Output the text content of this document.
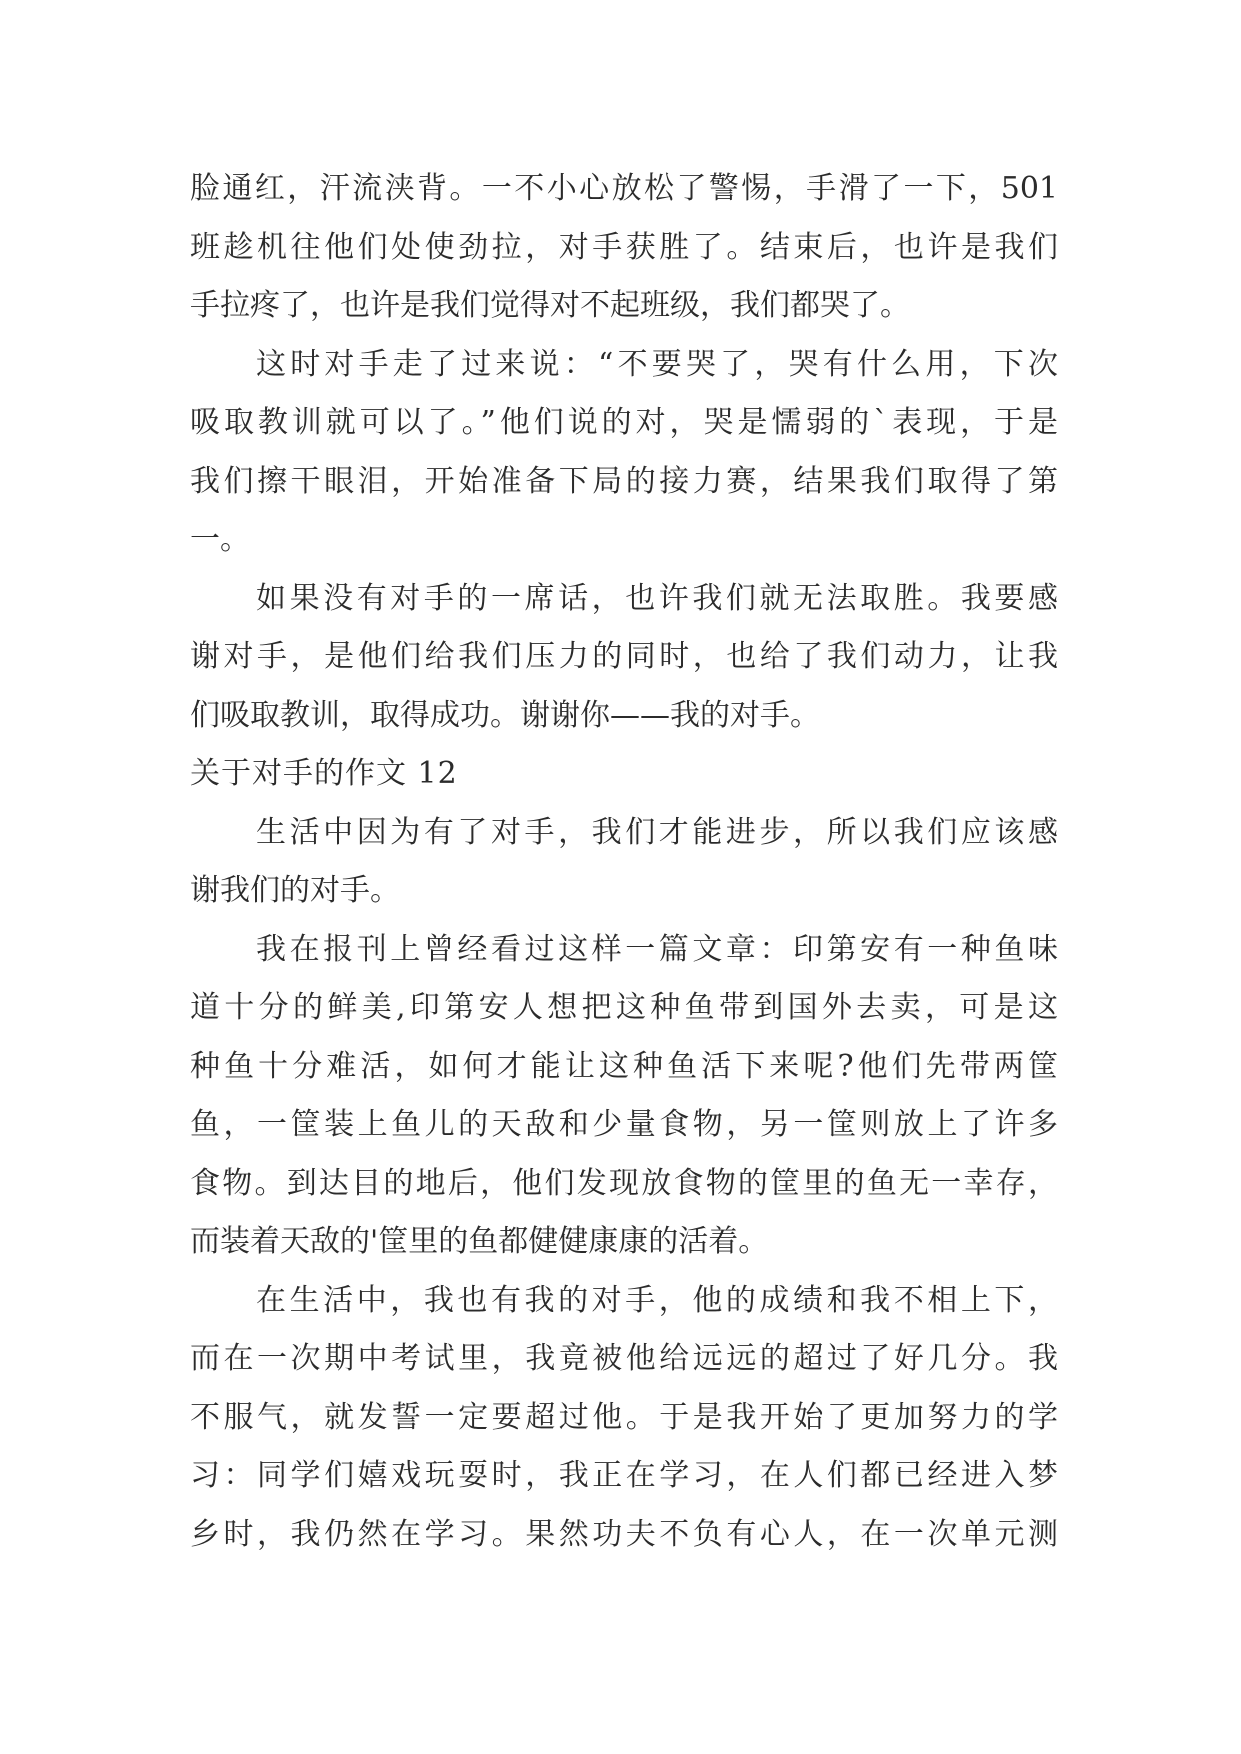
脸通红，汗流浃背。一不小心放松了警惕，手滑了一下，501
班趁机往他们处使劲拉，对手获胜了。结束后，也许是我们
手拉疼了，也许是我们觉得对不起班级，我们都哭了。
这时对手走了过来说：“不要哭了，哭有什么用，下次
吸取教训就可以了。”他们说的对，哭是懦弱的`表现，于是
我们擦干眼泪，开始准备下局的接力赛，结果我们取得了第
一。
如果没有对手的一席话，也许我们就无法取胜。我要感
谢对手，是他们给我们压力的同时，也给了我们动力，让我
们吸取教训，取得成功。谢谢你——我的对手。
关于对手的作文 12
生活中因为有了对手，我们才能进步，所以我们应该感
谢我们的对手。
我在报刊上曾经看过这样一篇文章：印第安有一种鱼味
道十分的鲜美,印第安人想把这种鱼带到国外去卖，可是这
种鱼十分难活，如何才能让这种鱼活下来呢?他们先带两筐
鱼，一筐装上鱼儿的天敌和少量食物，另一筐则放上了许多
食物。到达目的地后，他们发现放食物的筐里的鱼无一幸存，
而装着天敌的'筐里的鱼都健健康康的活着。
在生活中，我也有我的对手，他的成绩和我不相上下，
而在一次期中考试里，我竟被他给远远的超过了好几分。我
不服气，就发誓一定要超过他。于是我开始了更加努力的学
习：同学们嬉戏玩耍时，我正在学习，在人们都已经进入梦
乡时，我仍然在学习。果然功夫不负有心人，在一次单元测
